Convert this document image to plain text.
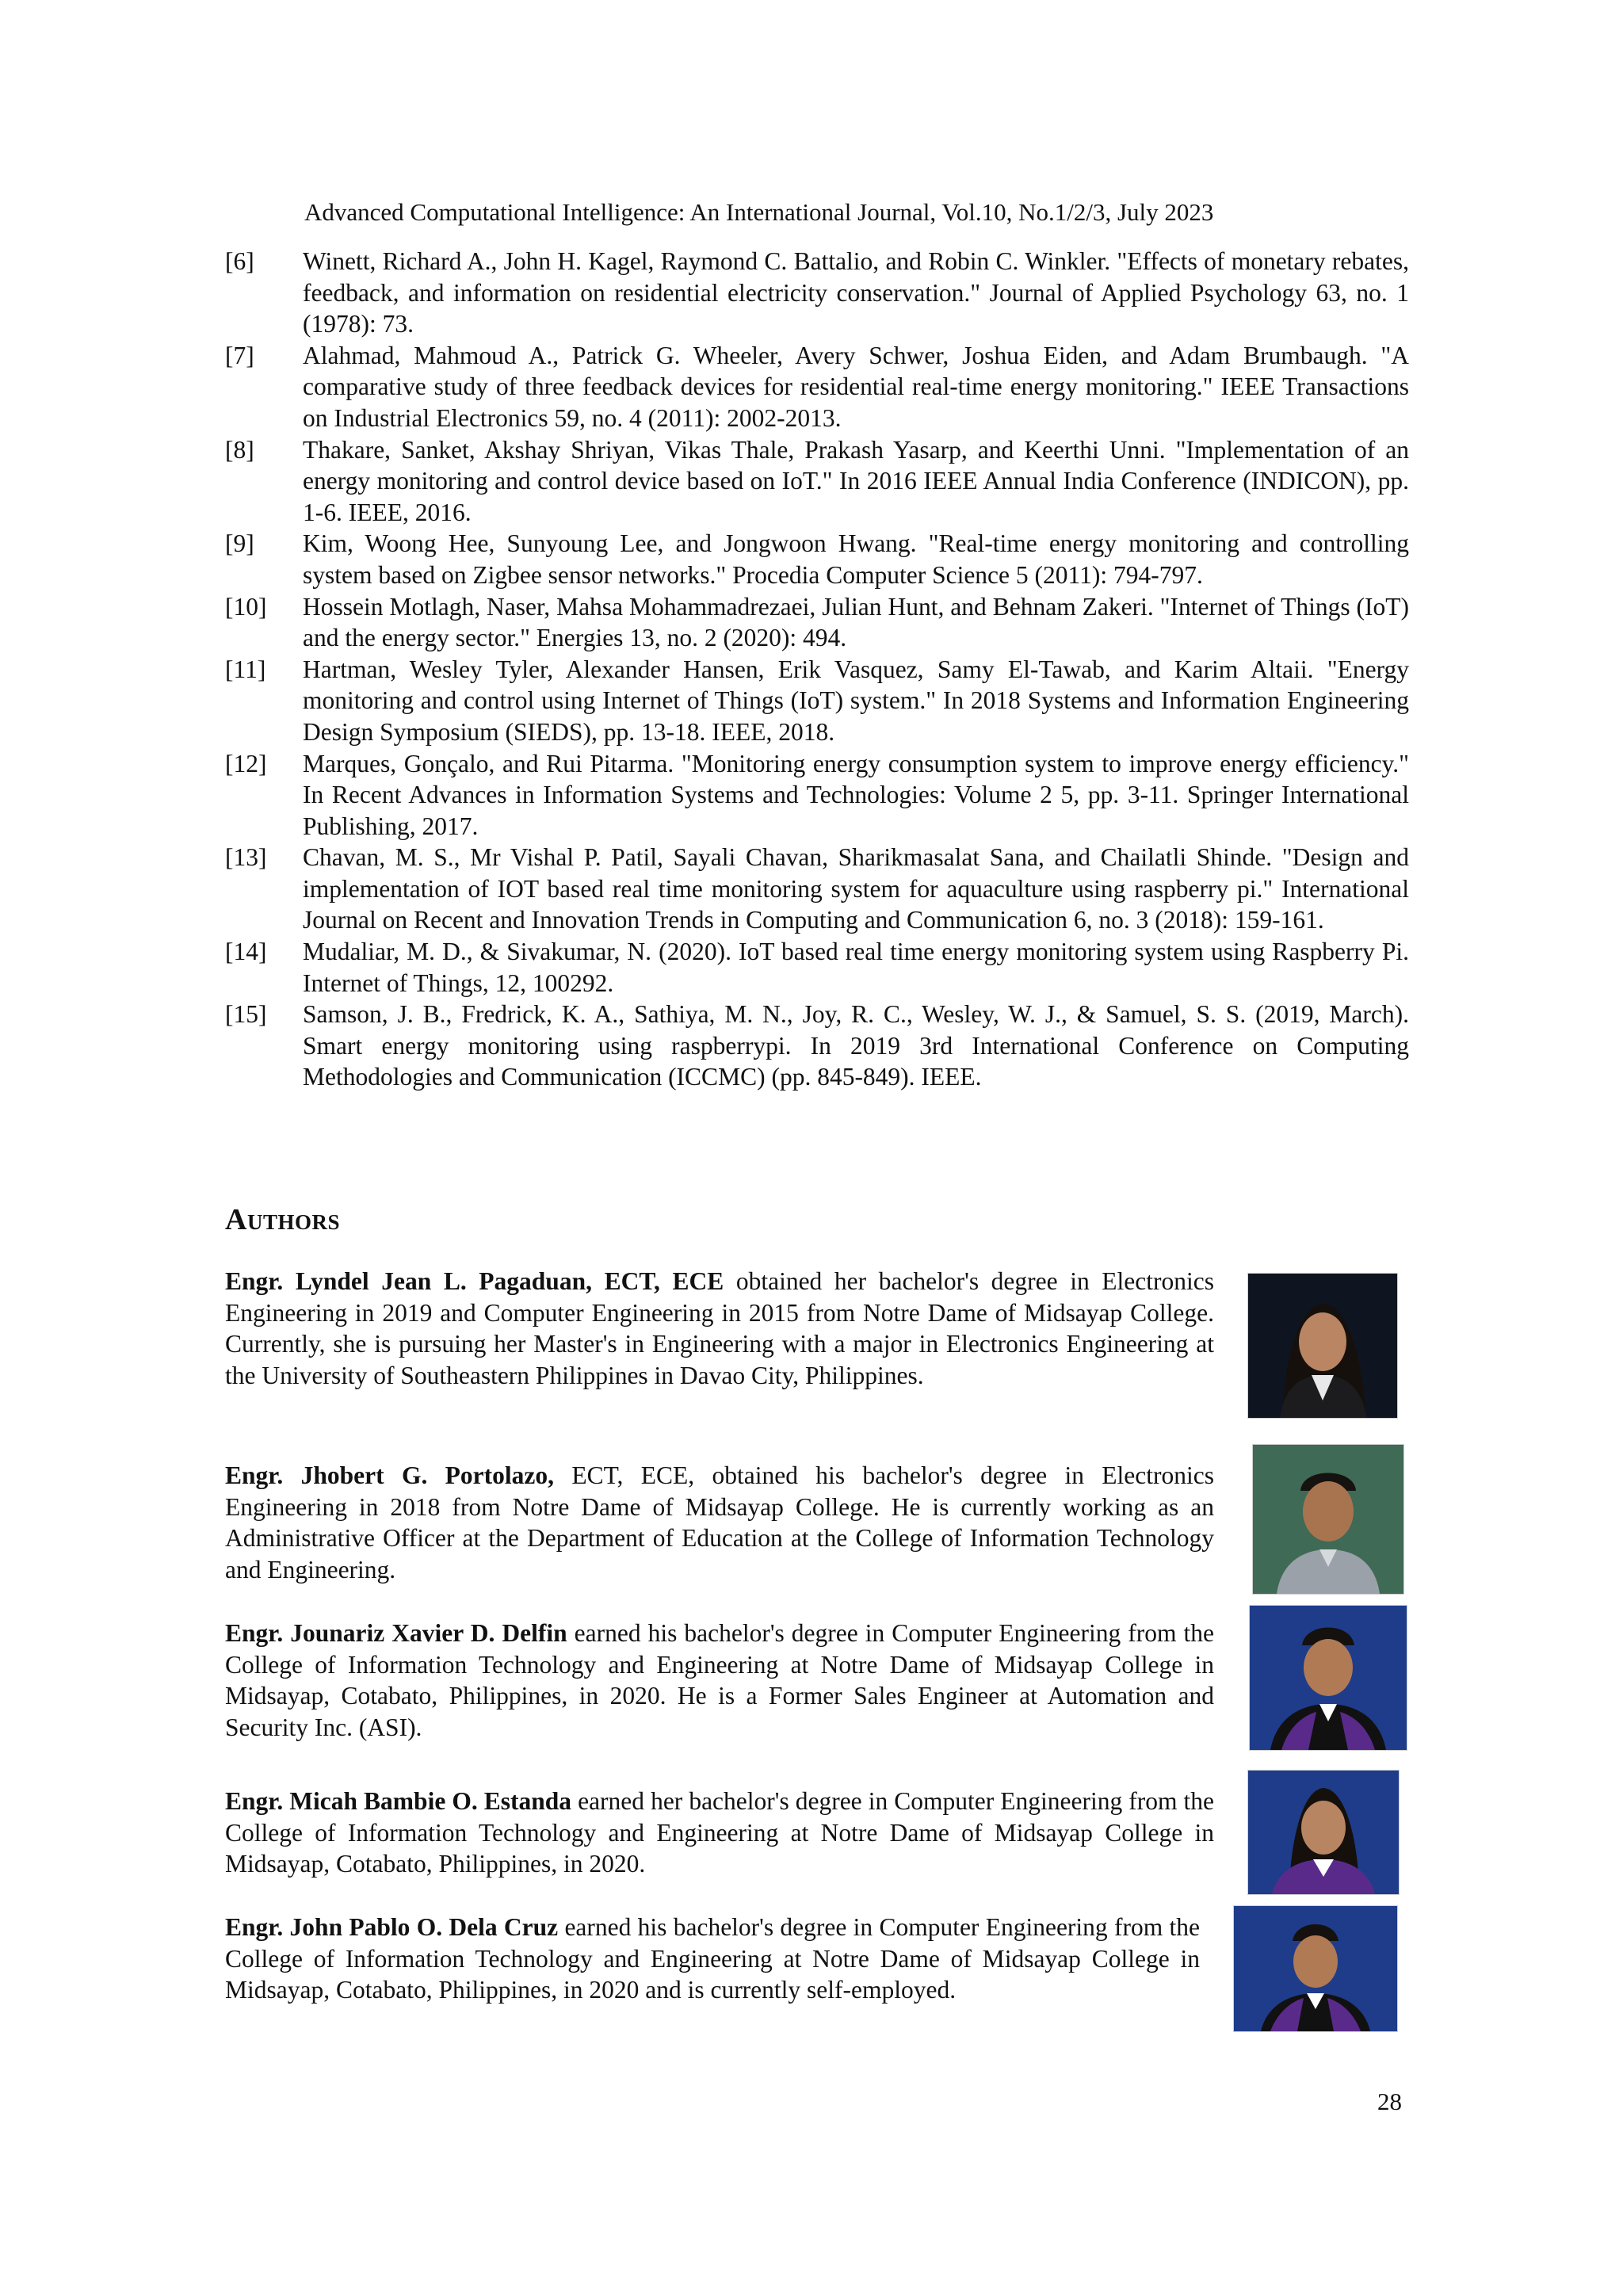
Advanced Computational Intelligence: An International Journal, Vol.10, No.1/2/3, July 2023
[6]	Winett, Richard A., John H. Kagel, Raymond C. Battalio, and Robin C. Winkler. "Effects of monetary rebates, feedback, and information on residential electricity conservation." Journal of Applied Psychology 63, no. 1 (1978): 73.
[7]	Alahmad, Mahmoud A., Patrick G. Wheeler, Avery Schwer, Joshua Eiden, and Adam Brumbaugh. "A comparative study of three feedback devices for residential real-time energy monitoring." IEEE Transactions on Industrial Electronics 59, no. 4 (2011): 2002-2013.
[8]	Thakare, Sanket, Akshay Shriyan, Vikas Thale, Prakash Yasarp, and Keerthi Unni. "Implementation of an energy monitoring and control device based on IoT." In 2016 IEEE Annual India Conference (INDICON), pp. 1-6. IEEE, 2016.
[9]	Kim, Woong Hee, Sunyoung Lee, and Jongwoon Hwang. "Real-time energy monitoring and controlling system based on Zigbee sensor networks." Procedia Computer Science 5 (2011): 794-797.
[10]	Hossein Motlagh, Naser, Mahsa Mohammadrezaei, Julian Hunt, and Behnam Zakeri. "Internet of Things (IoT) and the energy sector." Energies 13, no. 2 (2020): 494.
[11]	Hartman, Wesley Tyler, Alexander Hansen, Erik Vasquez, Samy El-Tawab, and Karim Altaii. "Energy monitoring and control using Internet of Things (IoT) system." In 2018 Systems and Information Engineering Design Symposium (SIEDS), pp. 13-18. IEEE, 2018.
[12]	Marques, Gonçalo, and Rui Pitarma. "Monitoring energy consumption system to improve energy efficiency." In Recent Advances in Information Systems and Technologies: Volume 2 5, pp. 3-11. Springer International Publishing, 2017.
[13]	Chavan, M. S., Mr Vishal P. Patil, Sayali Chavan, Sharikmasalat Sana, and Chailatli Shinde. "Design and implementation of IOT based real time monitoring system for aquaculture using raspberry pi." International Journal on Recent and Innovation Trends in Computing and Communication 6, no. 3 (2018): 159-161.
[14]	Mudaliar, M. D., & Sivakumar, N. (2020). IoT based real time energy monitoring system using Raspberry Pi. Internet of Things, 12, 100292.
[15]	Samson, J. B., Fredrick, K. A., Sathiya, M. N., Joy, R. C., Wesley, W. J., & Samuel, S. S. (2019, March). Smart energy monitoring using raspberrypi. In 2019 3rd International Conference on Computing Methodologies and Communication (ICCMC) (pp. 845-849). IEEE.
Authors
Engr. Lyndel Jean L. Pagaduan, ECT, ECE obtained her bachelor's degree in Electronics Engineering in 2019 and Computer Engineering in 2015 from Notre Dame of Midsayap College. Currently, she is pursuing her Master's in Engineering with a major in Electronics Engineering at the University of Southeastern Philippines in Davao City, Philippines.
Engr. Jhobert G. Portolazo, ECT, ECE, obtained his bachelor's degree in Electronics Engineering in 2018 from Notre Dame of Midsayap College. He is currently working as an Administrative Officer at the Department of Education at the College of Information Technology and Engineering.
Engr. Jounariz Xavier D. Delfin earned his bachelor's degree in Computer Engineering from the College of Information Technology and Engineering at Notre Dame of Midsayap College in Midsayap, Cotabato, Philippines, in 2020. He is a Former Sales Engineer at Automation and Security Inc. (ASI).
Engr. Micah Bambie O. Estanda earned her bachelor's degree in Computer Engineering from the College of Information Technology and Engineering at Notre Dame of Midsayap College in Midsayap, Cotabato, Philippines, in 2020.
Engr. John Pablo O. Dela Cruz earned his bachelor's degree in Computer Engineering from the College of Information Technology and Engineering at Notre Dame of Midsayap College in Midsayap, Cotabato, Philippines, in 2020 and is currently self-employed.
28
